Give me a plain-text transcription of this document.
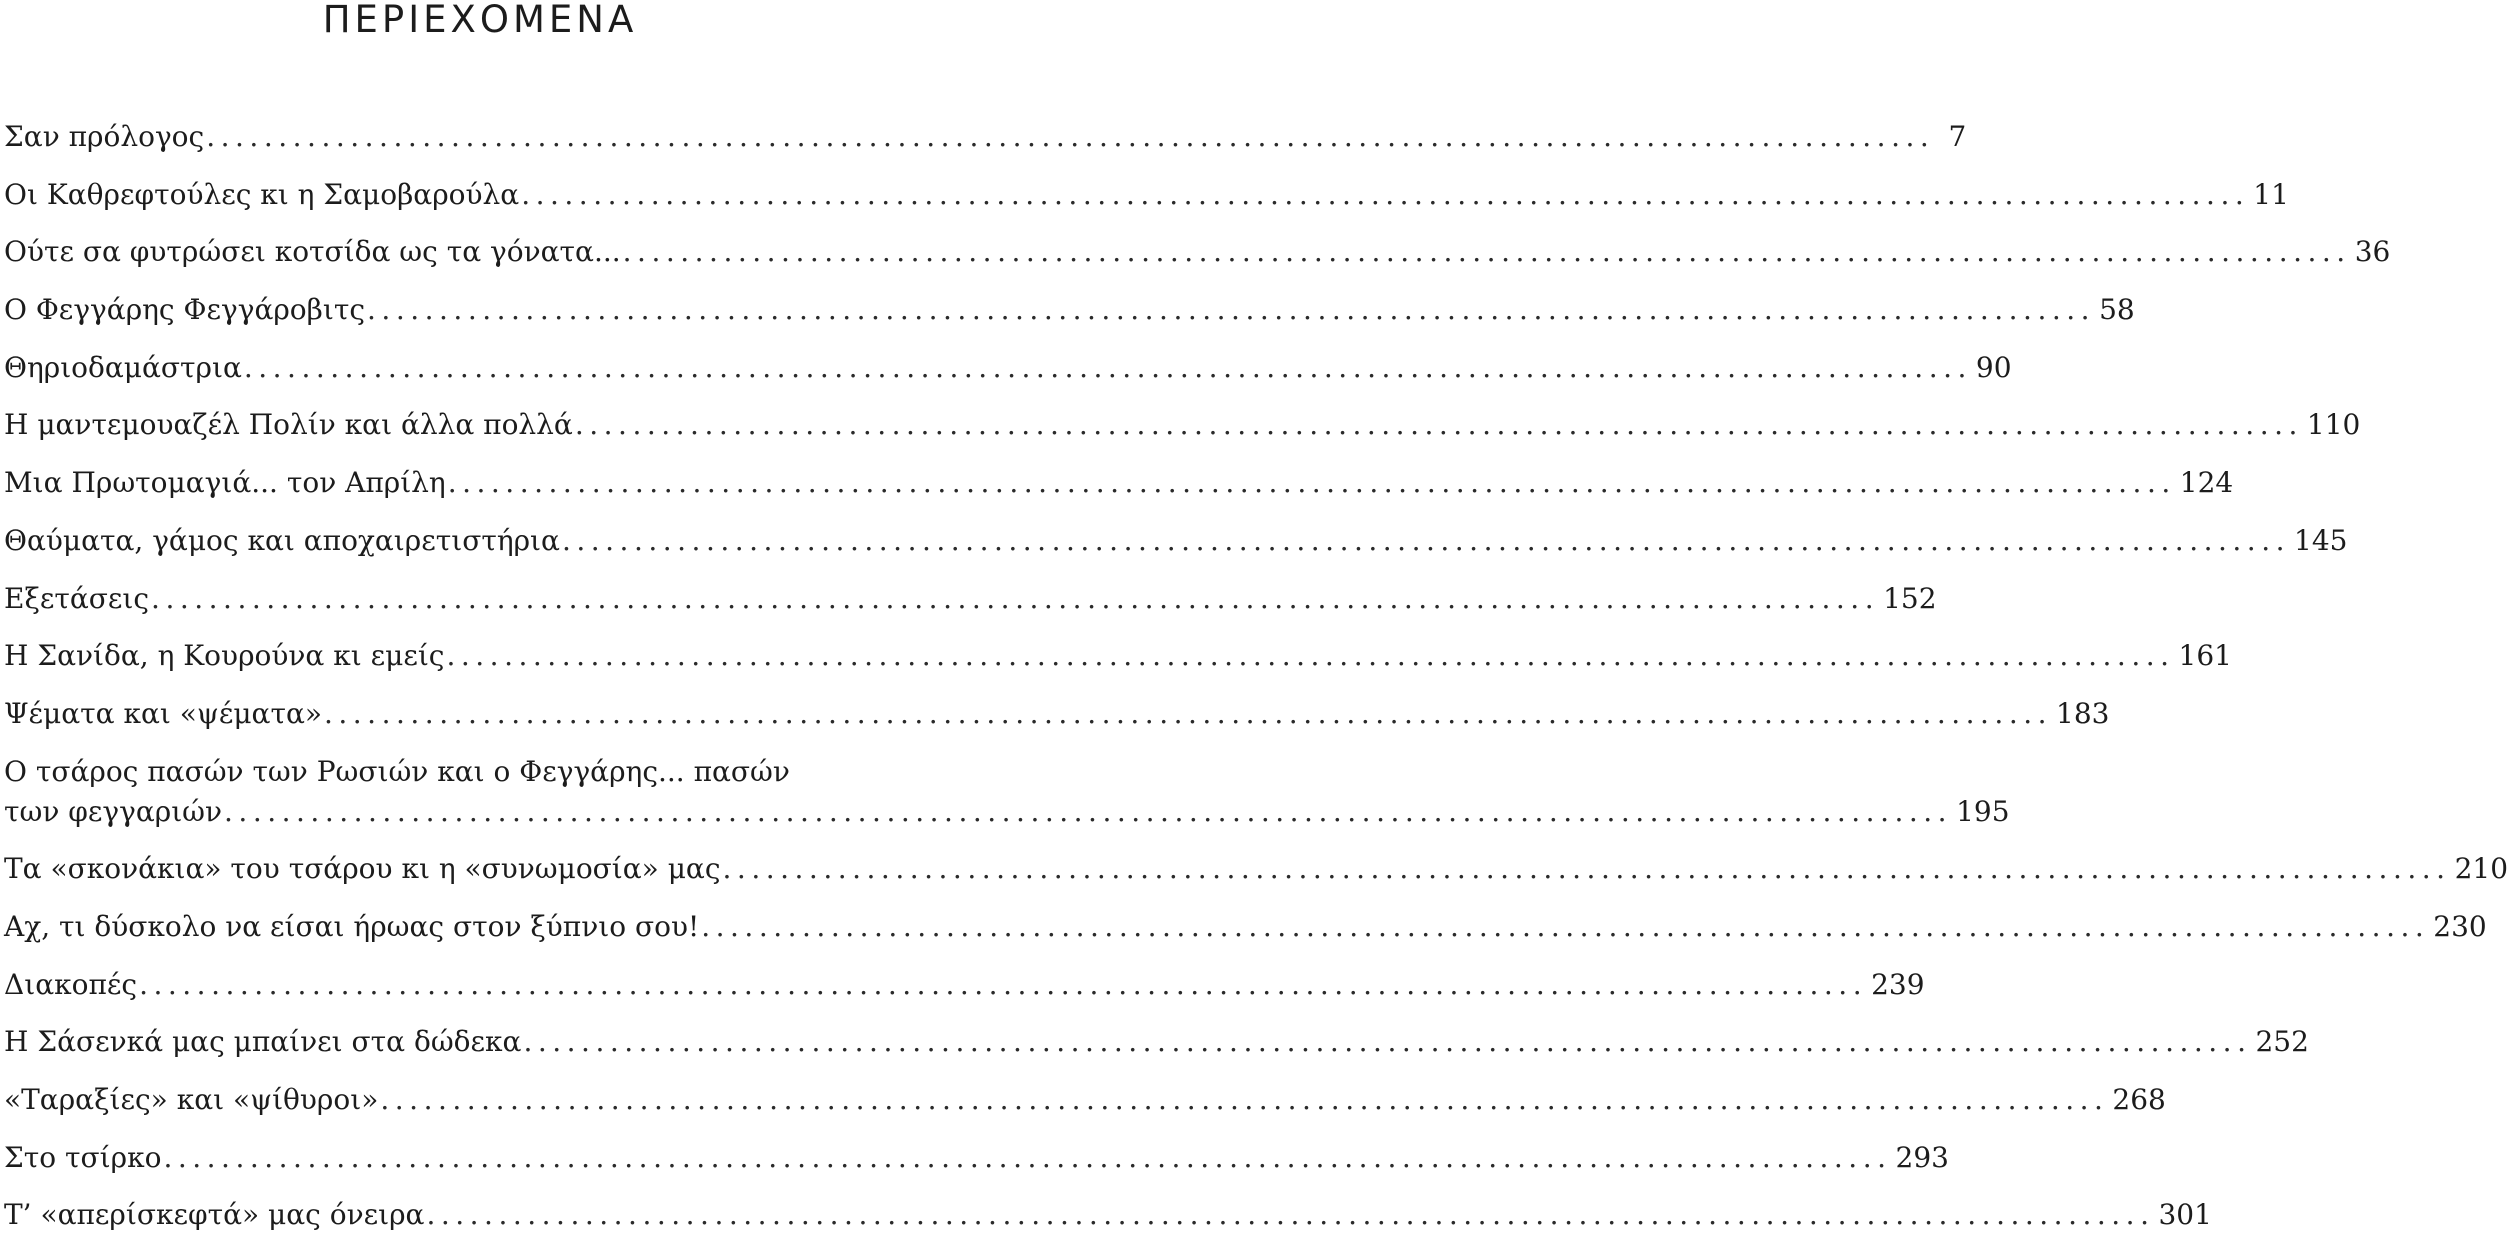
ΠΕΡΙΕΧΟΜΕΝΑ
Σαν πρόλογος ........................................................................................................................ 7
Οι Καθρεφτούλες κι η Σαμοβαρούλα ........................................................................................................................ 11
Ούτε σα φυτρώσει κοτσίδα ως τα γόνατα... ........................................................................................................................ 36
Ο Φεγγάρης Φεγγάροβιτς ........................................................................................................................ 58
Θηριοδαμάστρια ........................................................................................................................ 90
Η μαντεμουαζέλ Πολίν και άλλα πολλά ........................................................................................................................ 110
Μια Πρωτομαγιά... τον Απρίλη ........................................................................................................................ 124
Θαύματα, γάμος και αποχαιρετιστήρια ........................................................................................................................ 145
Εξετάσεις ........................................................................................................................ 152
Η Σανίδα, η Κουρούνα κι εμείς ........................................................................................................................ 161
Ψέματα και «ψέματα» ........................................................................................................................ 183
Ο τσάρος πασών των Ρωσιών και ο Φεγγάρης... πασών
των φεγγαριών ........................................................................................................................ 195
Τα «σκονάκια» του τσάρου κι η «συνωμοσία» μας ........................................................................................................................ 210
Αχ, τι δύσκολο να είσαι ήρωας στον ξύπνιο σου! ........................................................................................................................ 230
Διακοπές ........................................................................................................................ 239
Η Σάσενκά μας μπαίνει στα δώδεκα ........................................................................................................................ 252
«Ταραξίες» και «ψίθυροι» ........................................................................................................................ 268
Στο τσίρκο ........................................................................................................................ 293
Τ’ «απερίσκεφτά» μας όνειρα ........................................................................................................................ 301
